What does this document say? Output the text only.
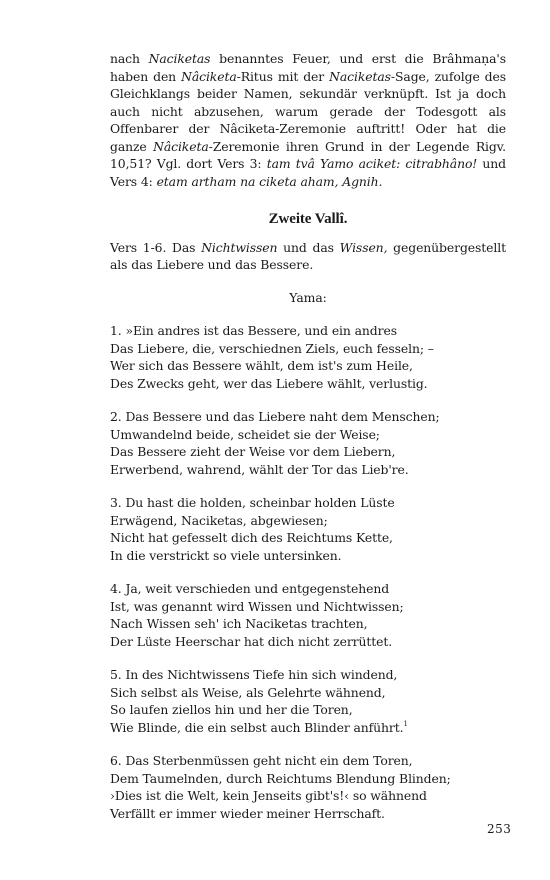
nach Naciketas benanntes Feuer, und erst die Brâhmaṇa's haben den Nâciketa-Ritus mit der Naciketas-Sage, zufolge des Gleichklangs beider Namen, sekundär verknüpft. Ist ja doch auch nicht abzusehen, warum gerade der Todesgott als Offenbarer der Nâciketa-Zeremonie auftritt! Oder hat die ganze Nâciketa-Zeremonie ihren Grund in der Legende Rigv. 10,51? Vgl. dort Vers 3: tam tvâ Yamo aciket: citrabhâno! und Vers 4: etam artham na ciketa aham, Agnih.

Zweite Vallî.

Vers 1-6. Das Nichtwissen und das Wissen, gegenübergestellt als das Liebere und das Bessere.

Yama:
1. »Ein andres ist das Bessere, und ein andres
Das Liebere, die, verschiednen Ziels, euch fesseln; –
Wer sich das Bessere wählt, dem ist's zum Heile,
Des Zwecks geht, wer das Liebere wählt, verlustig.
2. Das Bessere und das Liebere naht dem Menschen;
Umwandelnd beide, scheidet sie der Weise;
Das Bessere zieht der Weise vor dem Liebern,
Erwerbend, wahrend, wählt der Tor das Lieb're.
3. Du hast die holden, scheinbar holden Lüste
Erwägend, Naciketas, abgewiesen;
Nicht hat gefesselt dich des Reichtums Kette,
In die verstrickt so viele untersinken.
4. Ja, weit verschieden und entgegenstehend
Ist, was genannt wird Wissen und Nichtwissen;
Nach Wissen seh' ich Naciketas trachten,
Der Lüste Heerschar hat dich nicht zerrüttet.
5. In des Nichtwissens Tiefe hin sich windend,
Sich selbst als Weise, als Gelehrte wähnend,
So laufen ziellos hin und her die Toren,
Wie Blinde, die ein selbst auch Blinder anführt.$^1$
6. Das Sterbenmüssen geht nicht ein dem Toren,
Dem Taumelnden, durch Reichtums Blendung Blinden;
›Dies ist die Welt, kein Jenseits gibt's!‹ so wähnend
Verfällt er immer wieder meiner Herrschaft.
253
